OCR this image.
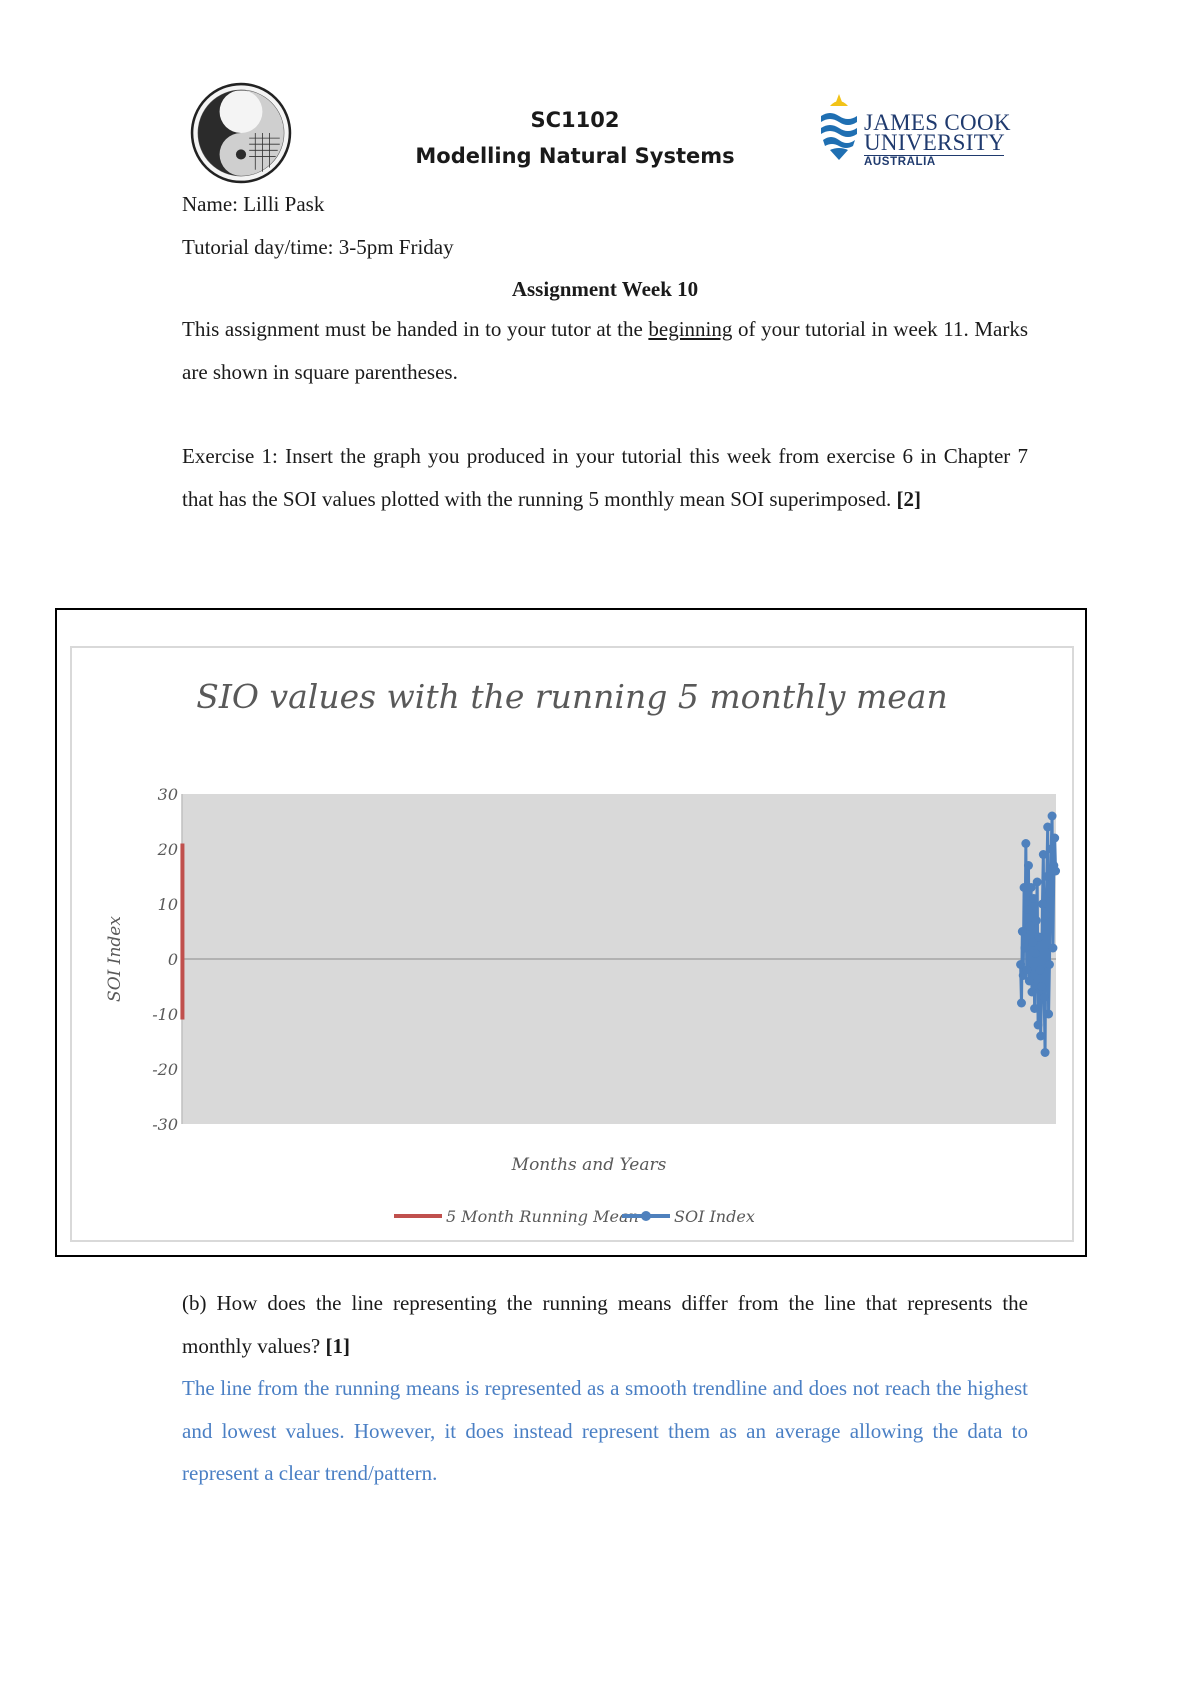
SC1102
Modelling Natural Systems
JAMES COOK
UNIVERSITY
AUSTRALIA
Name: Lilli Pask
Tutorial day/time: 3-5pm Friday
Assignment Week 10
This assignment must be handed in to your tutor at the beginning of your tutorial in week 11. Marks are shown in square parentheses.
Exercise 1: Insert the graph you produced in your tutorial this week from exercise 6 in Chapter 7 that has the SOI values plotted with the running 5 monthly mean SOI superimposed. [2]
SIO values with the running 5 monthly mean
30
20
10
0
-10
-20
-30
SOI Index
Months and Years
5 Month Running Mean SOI Index
(b) How does the line representing the running means differ from the line that represents the monthly values? [1]
The line from the running means is represented as a smooth trendline and does not reach the highest and lowest values. However, it does instead represent them as an average allowing the data to represent a clear trend/pattern.
